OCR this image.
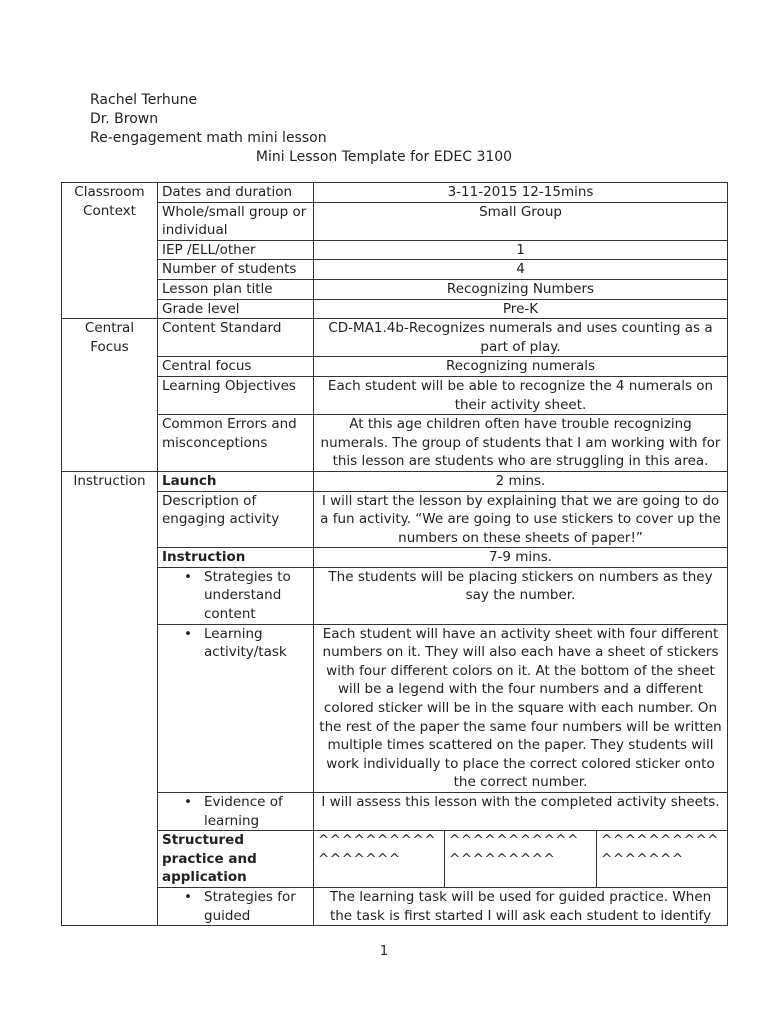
Rachel Terhune
Dr. Brown
Re-engagement math mini lesson
Mini Lesson Template for EDEC 3100
Classroom Context	Dates and duration	3-11-2015 12-15mins		
	Whole/small group or individual	Small Group		
	IEP /ELL/other	1		
	Number of students	4		
	Lesson plan title	Recognizing Numbers		
	Grade level	Pre-K		
Central Focus	Content Standard	CD-MA1.4b-Recognizes numerals and uses counting as a part of play.		
	Central focus	Recognizing numerals		
	Learning Objectives	Each student will be able to recognize the 4 numerals on their activity sheet.		
	Common Errors and misconceptions	At this age children often have trouble recognizing numerals. The group of students that I am working with for this lesson are students who are struggling in this area.		
Instruction	Launch	2 mins.		
	Description of engaging activity	I will start the lesson by explaining that we are going to do a fun activity. “We are going to use stickers to cover up the numbers on these sheets of paper!”		
	Instruction	7-9 mins.		

	• Strategies to understand content	The students will be placing stickers on numbers as they say the number.		

	• Learning activity/task	Each student will have an activity sheet with four different numbers on it. They will also each have a sheet of stickers with four different colors on it. At the bottom of the sheet will be a legend with the four numbers and a different colored sticker will be in the square with each number. On the rest of the paper the same four numbers will be written multiple times scattered on the paper. They students will work individually to place the correct colored sticker onto the correct number.		

	• Evidence of learning	I will assess this lesson with the completed activity sheets.		
	Structured practice and application	^^^^^^^^^^ ^^^^^^^	^^^^^^^^^^^ ^^^^^^^^^	^^^^^^^^^^ ^^^^^^^

	• Strategies for guided	The learning task will be used for guided practice. When the task is first started I will ask each student to identify		
1
